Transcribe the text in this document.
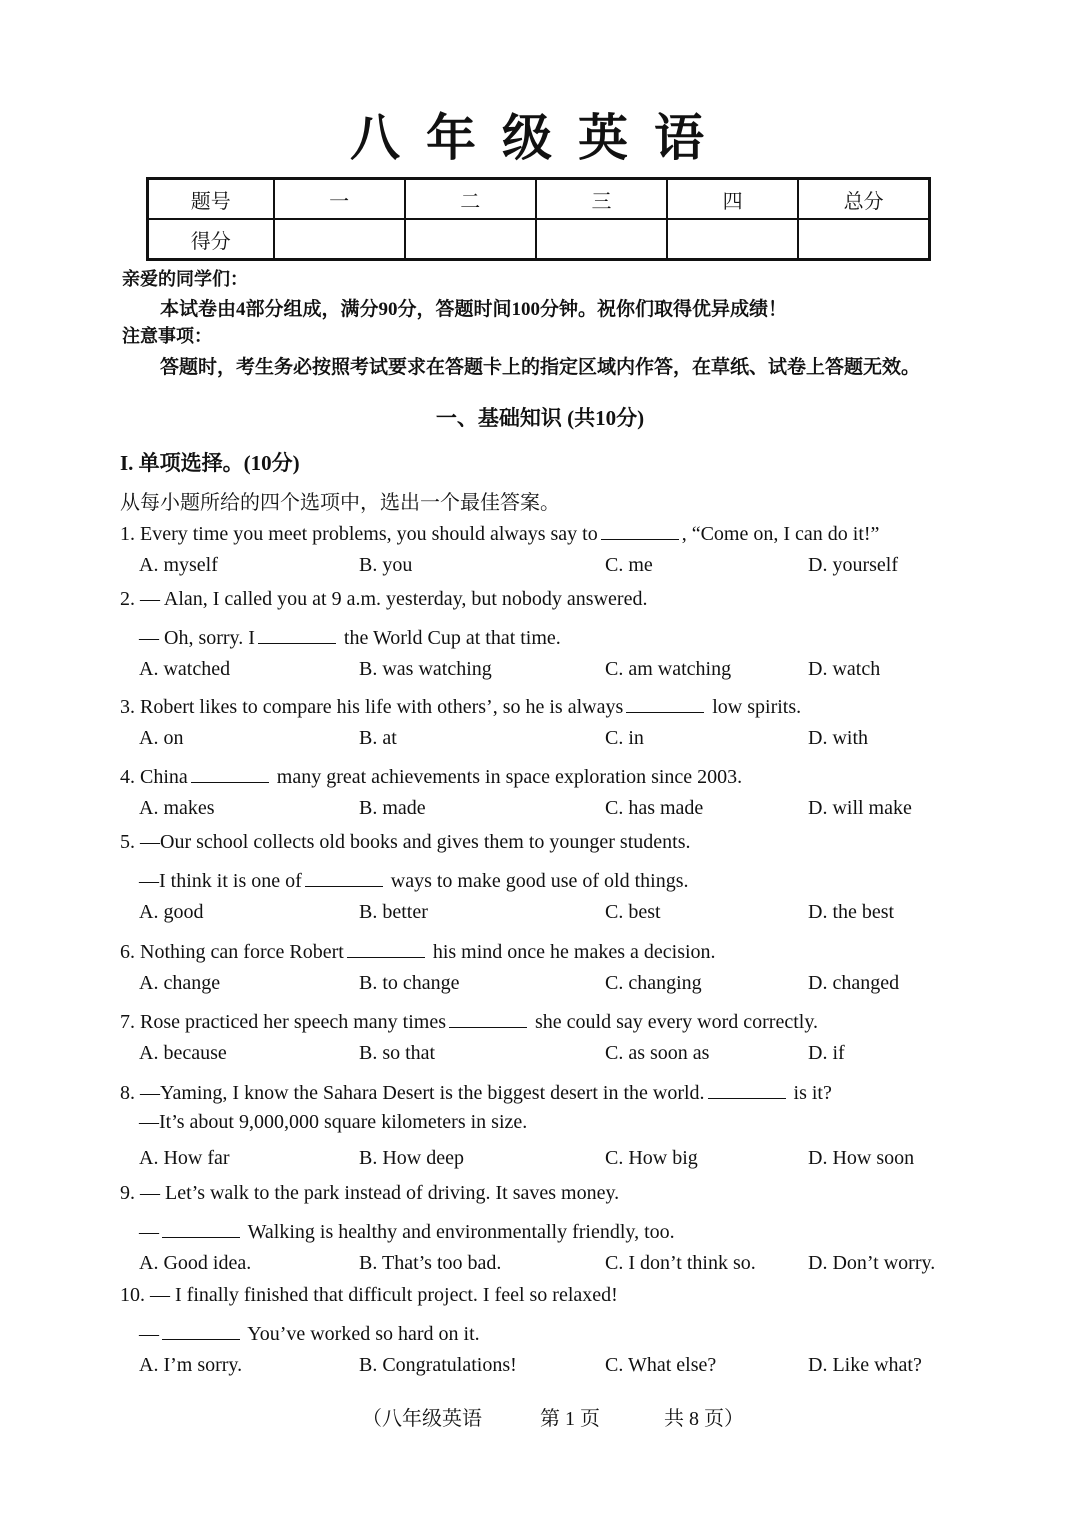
八年级英语
题号	一	二	三	四	总分
得分					
亲爱的同学们：
本试卷由4部分组成，满分90分，答题时间100分钟。祝你们取得优异成绩！
注意事项：
答题时，考生务必按照考试要求在答题卡上的指定区域内作答，在草纸、试卷上答题无效。
一、基础知识 (共10分)
I. 单项选择。(10分)
从每小题所给的四个选项中，选出一个最佳答案。
1. Every time you meet problems, you should always say to	, “Come on, I can do it!”
A. myself	B. you	C. me	D. yourself
2. — Alan, I called you at 9 a.m. yesterday, but nobody answered.
— Oh, sorry. I	the World Cup at that time.
A. watched	B. was watching	C. am watching	D. watch
3. Robert likes to compare his life with others’, so he is always	low spirits.
A. on	B. at	C. in	D. with
4. China	many great achievements in space exploration since 2003.
A. makes	B. made	C. has made	D. will make
5. —Our school collects old books and gives them to younger students.
—I think it is one of	ways to make good use of old things.
A. good	B. better	C. best	D. the best
6. Nothing can force Robert	his mind once he makes a decision.
A. change	B. to change	C. changing	D. changed
7. Rose practiced her speech many times	she could say every word correctly.
A. because	B. so that	C. as soon as	D. if
8. —Yaming, I know the Sahara Desert is the biggest desert in the world.	is it?
—It’s about 9,000,000 square kilometers in size.
A. How far	B. How deep	C. How big	D. How soon
9. — Let’s walk to the park instead of driving. It saves money.
—	Walking is healthy and environmentally friendly, too.
A. Good idea.	B. That’s too bad.	C. I don’t think so.	D. Don’t worry.
10. — I finally finished that difficult project. I feel so relaxed!
—	You’ve worked so hard on it.
A. I’m sorry.	B. Congratulations!	C. What else?	D. Like what?
（八年级英语	第 1 页	共 8 页）
